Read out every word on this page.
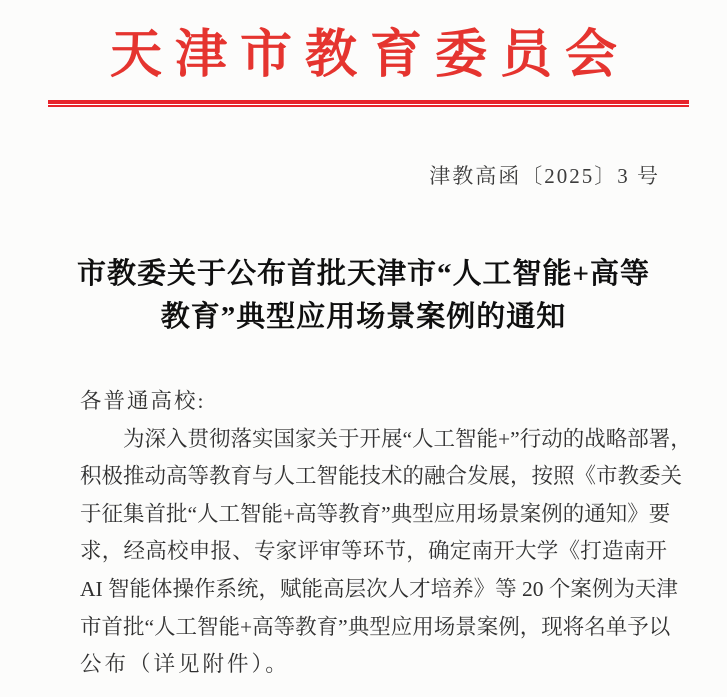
天津市教育委员会
津教高函〔2025〕3 号
市教委关于公布首批天津市“人工智能+高等
教育”典型应用场景案例的通知
各普通高校:
为深入贯彻落实国家关于开展“人工智能+”行动的战略部署，
积极推动高等教育与人工智能技术的融合发展，按照《市教委关
于征集首批“人工智能+高等教育”典型应用场景案例的通知》要
求，经高校申报、专家评审等环节，确定南开大学《打造南开
AI 智能体操作系统，赋能高层次人才培养》等 20 个案例为天津
市首批“人工智能+高等教育”典型应用场景案例，现将名单予以
公布（详见附件）。
